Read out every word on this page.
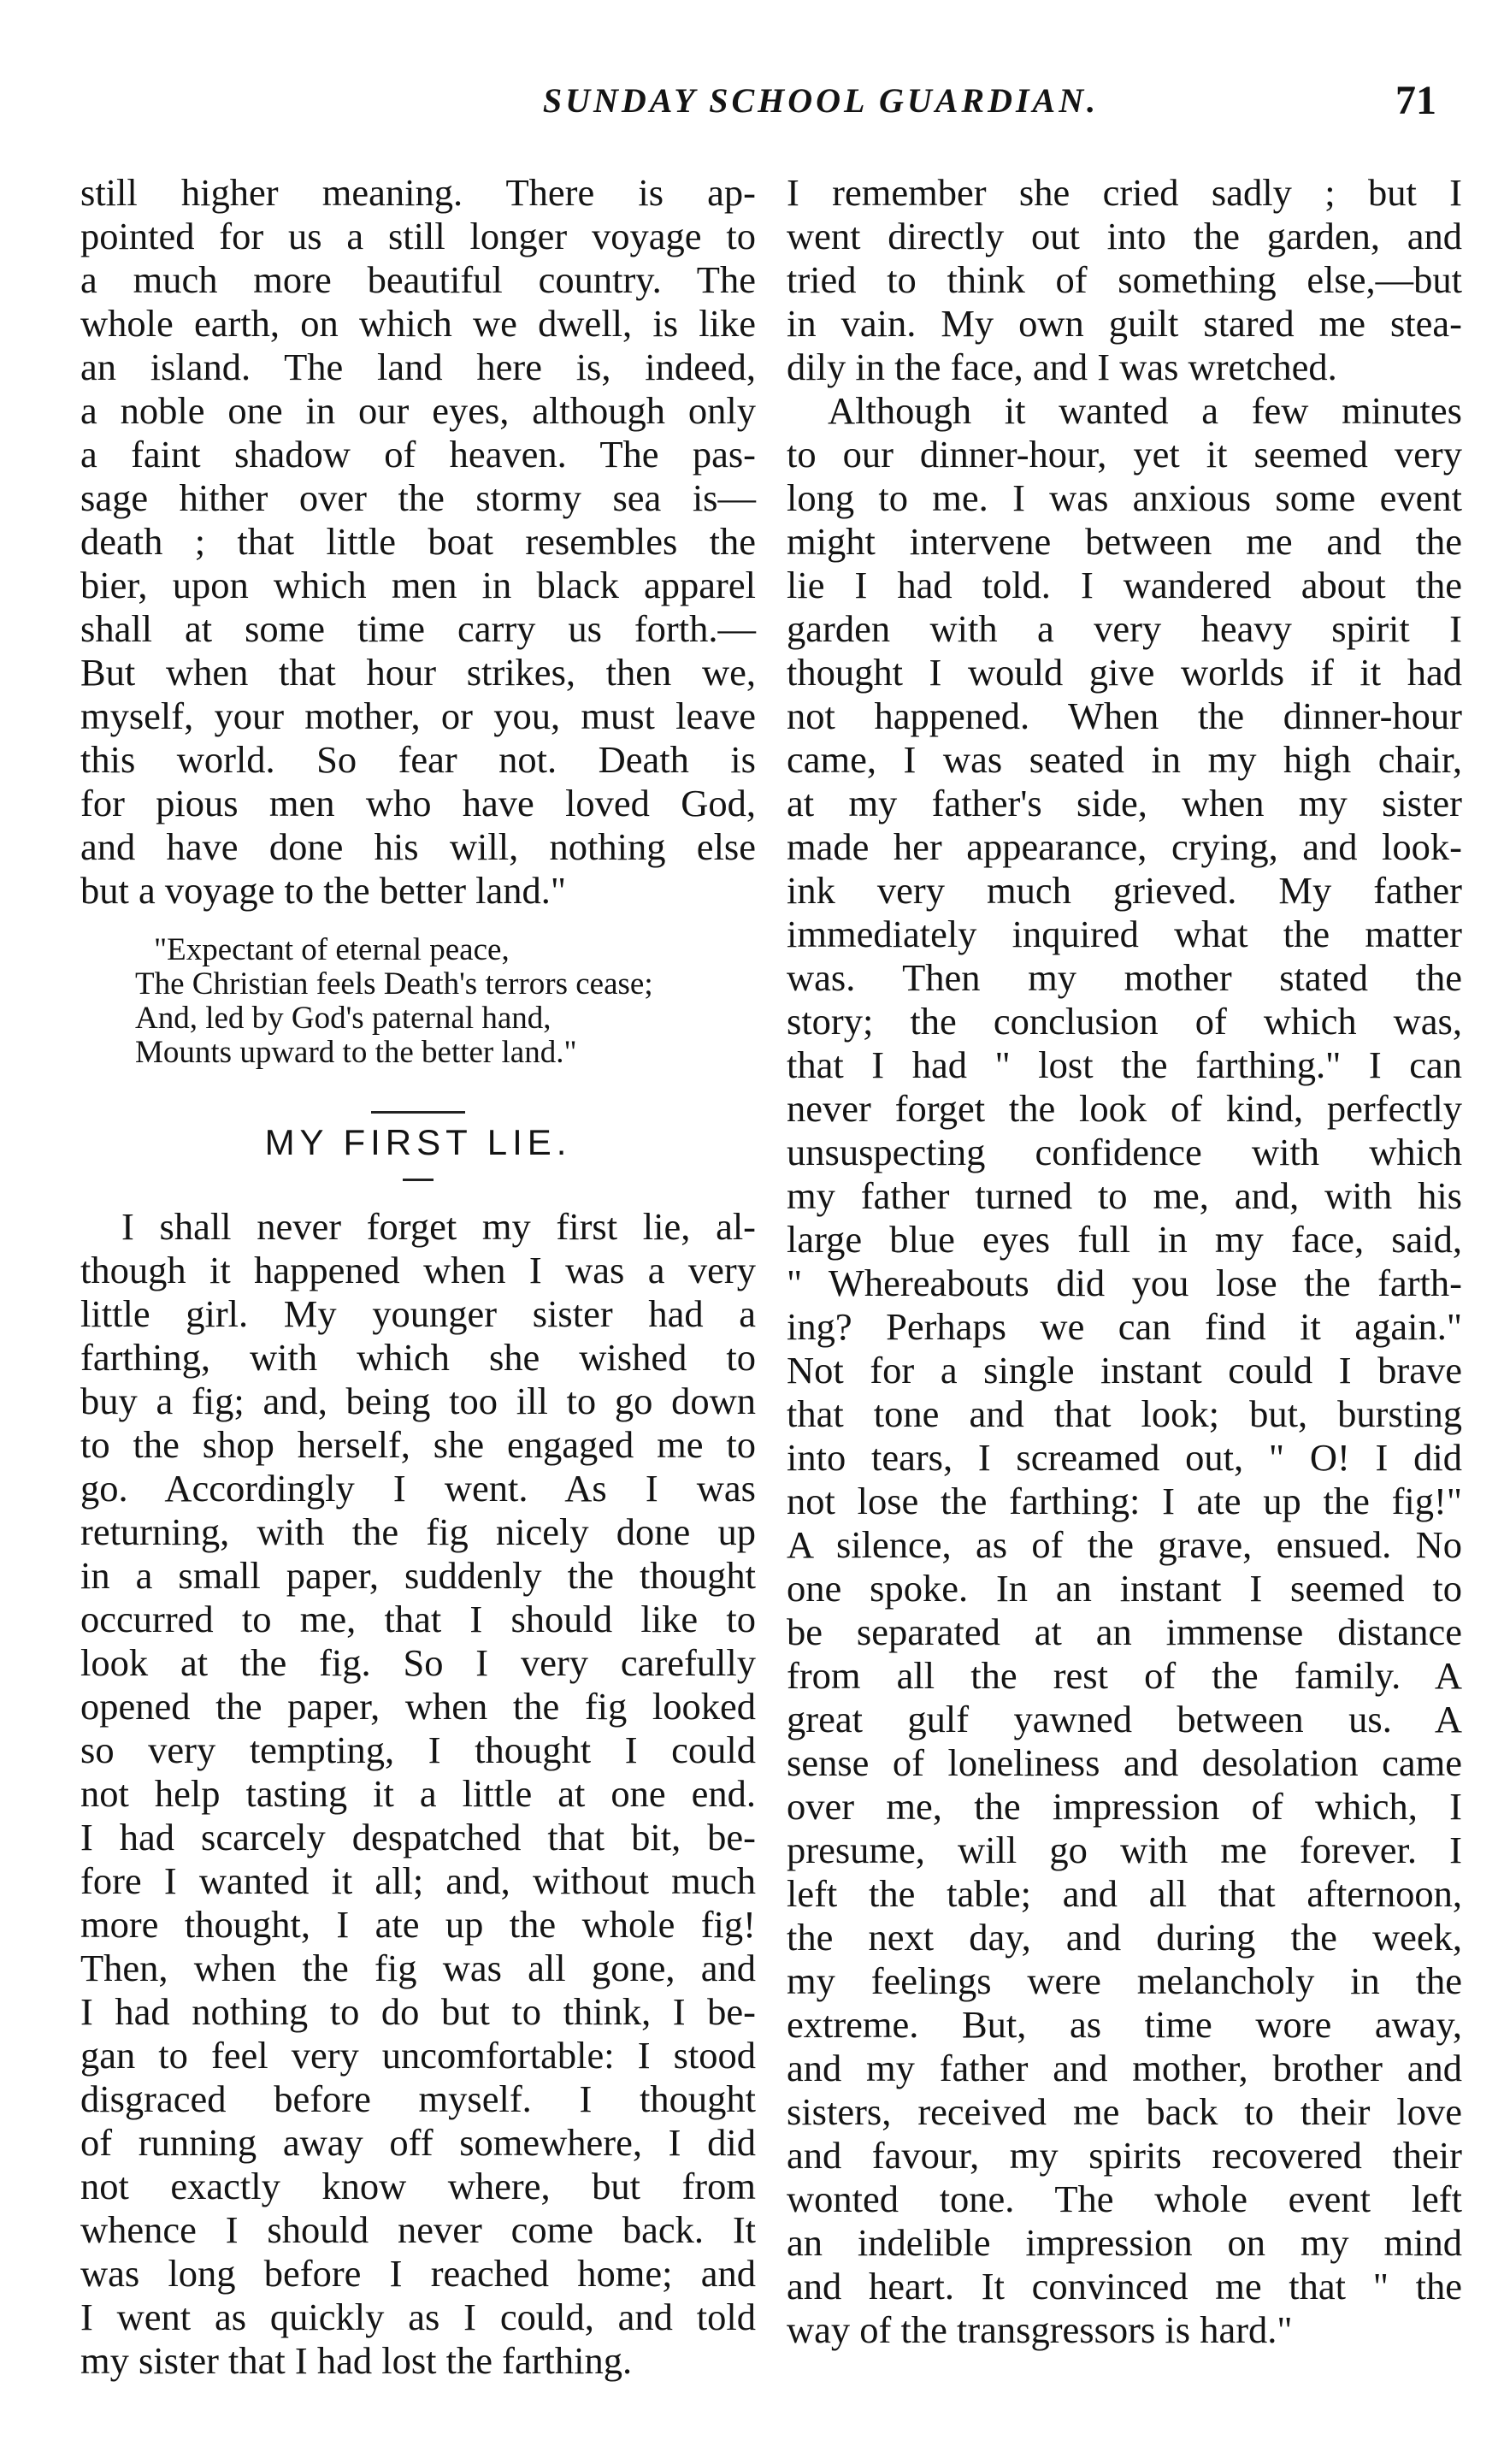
SUNDAY SCHOOL GUARDIAN.	71
still higher meaning. There is ap-
pointed for us a still longer voyage to
a much more beautiful country. The
whole earth, on which we dwell, is like
an island. The land here is, indeed,
a noble one in our eyes, although only
a faint shadow of heaven. The pas-
sage hither over the stormy sea is—
death ; that little boat resembles the
bier, upon which men in black apparel
shall at some time carry us forth.—
But when that hour strikes, then we,
myself, your mother, or you, must leave
this world. So fear not. Death is
for pious men who have loved God,
and have done his will, nothing else
but a voyage to the better land."
"Expectant of eternal peace,
The Christian feels Death's terrors cease;
And, led by God's paternal hand,
Mounts upward to the better land."
MY FIRST LIE.
I shall never forget my first lie, al-
though it happened when I was a very
little girl. My younger sister had a
farthing, with which she wished to
buy a fig; and, being too ill to go down
to the shop herself, she engaged me to
go. Accordingly I went. As I was
returning, with the fig nicely done up
in a small paper, suddenly the thought
occurred to me, that I should like to
look at the fig. So I very carefully
opened the paper, when the fig looked
so very tempting, I thought I could
not help tasting it a little at one end.
I had scarcely despatched that bit, be-
fore I wanted it all; and, without much
more thought, I ate up the whole fig!
Then, when the fig was all gone, and
I had nothing to do but to think, I be-
gan to feel very uncomfortable: I stood
disgraced before myself. I thought
of running away off somewhere, I did
not exactly know where, but from
whence I should never come back. It
was long before I reached home; and
I went as quickly as I could, and told
my sister that I had lost the farthing.
I remember she cried sadly ; but I
went directly out into the garden, and
tried to think of something else,—but
in vain. My own guilt stared me stea-
dily in the face, and I was wretched.
Although it wanted a few minutes
to our dinner-hour, yet it seemed very
long to me. I was anxious some event
might intervene between me and the
lie I had told. I wandered about the
garden with a very heavy spirit I
thought I would give worlds if it had
not happened. When the dinner-hour
came, I was seated in my high chair,
at my father's side, when my sister
made her appearance, crying, and look-
ink very much grieved. My father
immediately inquired what the matter
was. Then my mother stated the
story; the conclusion of which was,
that I had " lost the farthing." I can
never forget the look of kind, perfectly
unsuspecting confidence with which
my father turned to me, and, with his
large blue eyes full in my face, said,
" Whereabouts did you lose the farth-
ing? Perhaps we can find it again."
Not for a single instant could I brave
that tone and that look; but, bursting
into tears, I screamed out, " O! I did
not lose the farthing: I ate up the fig!"
A silence, as of the grave, ensued. No
one spoke. In an instant I seemed to
be separated at an immense distance
from all the rest of the family. A
great gulf yawned between us. A
sense of loneliness and desolation came
over me, the impression of which, I
presume, will go with me forever. I
left the table; and all that afternoon,
the next day, and during the week,
my feelings were melancholy in the
extreme. But, as time wore away,
and my father and mother, brother and
sisters, received me back to their love
and favour, my spirits recovered their
wonted tone. The whole event left
an indelible impression on my mind
and heart. It convinced me that " the
way of the transgressors is hard."
